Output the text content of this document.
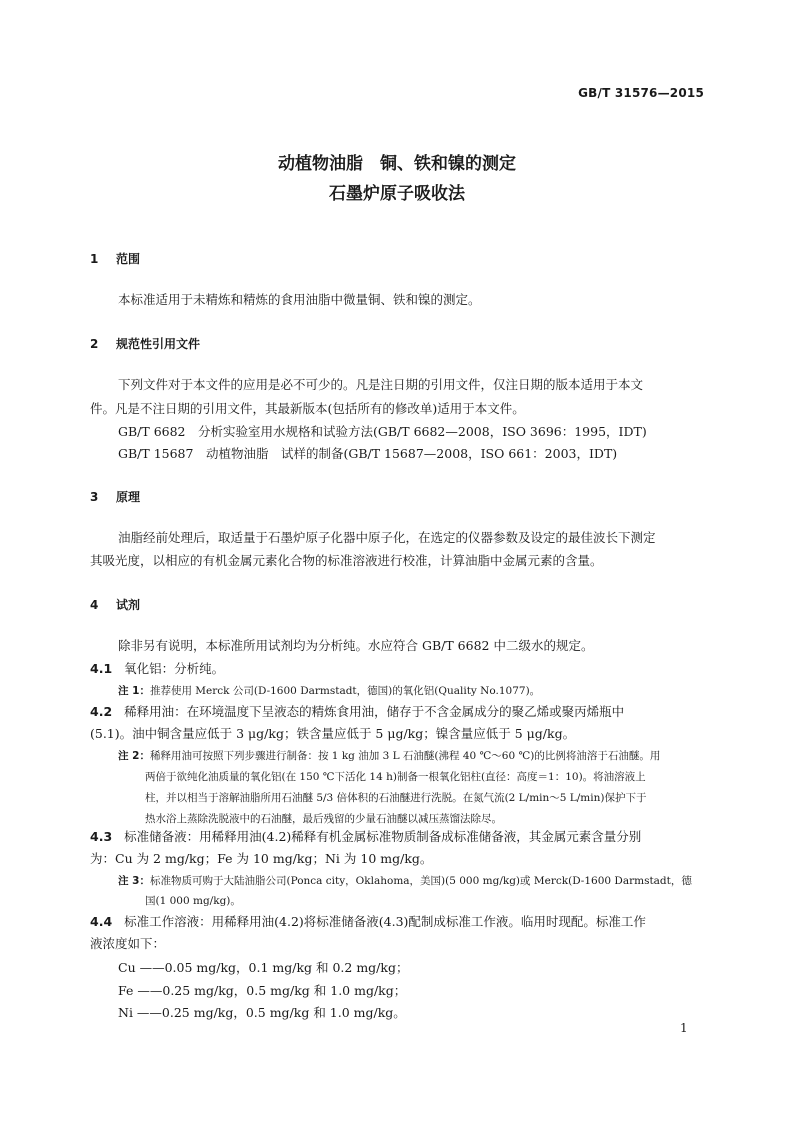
GB/T 31576—2015
动植物油脂　铜、铁和镍的测定
石墨炉原子吸收法
1 范围
本标准适用于未精炼和精炼的食用油脂中微量铜、铁和镍的测定。
2 规范性引用文件
下列文件对于本文件的应用是必不可少的。凡是注日期的引用文件，仅注日期的版本适用于本文
件。凡是不注日期的引用文件，其最新版本(包括所有的修改单)适用于本文件。
GB/T 6682　分析实验室用水规格和试验方法(GB/T 6682—2008，ISO 3696：1995，IDT)
GB/T 15687　动植物油脂　试样的制备(GB/T 15687—2008，ISO 661：2003，IDT)
3 原理
油脂经前处理后，取适量于石墨炉原子化器中原子化，在选定的仪器参数及设定的最佳波长下测定
其吸光度，以相应的有机金属元素化合物的标准溶液进行校准，计算油脂中金属元素的含量。
4 试剂
除非另有说明，本标准所用试剂均为分析纯。水应符合 GB/T 6682 中二级水的规定。
4.1 氧化铝：分析纯。
注 1：推荐使用 Merck 公司(D-1600 Darmstadt，德国)的氧化铝(Quality No.1077)。
4.2 稀释用油：在环境温度下呈液态的精炼食用油，储存于不含金属成分的聚乙烯或聚丙烯瓶中
(5.1)。油中铜含量应低于 3 μg/kg；铁含量应低于 5 μg/kg；镍含量应低于 5 μg/kg。
注 2：稀释用油可按照下列步骤进行制备：按 1 kg 油加 3 L 石油醚(沸程 40 ℃～60 ℃)的比例将油溶于石油醚。用
两倍于欲纯化油质量的氧化铝(在 150 ℃下活化 14 h)制备一根氧化铝柱(直径：高度＝1：10)。将油溶液上
柱，并以相当于溶解油脂所用石油醚 5/3 倍体积的石油醚进行洗脱。在氮气流(2 L/min～5 L/min)保护下于
热水浴上蒸除洗脱液中的石油醚，最后残留的少量石油醚以减压蒸馏法除尽。
4.3 标准储备液：用稀释用油(4.2)稀释有机金属标准物质制备成标准储备液，其金属元素含量分别
为：Cu 为 2 mg/kg；Fe 为 10 mg/kg；Ni 为 10 mg/kg。
注 3：标准物质可购于大陆油脂公司(Ponca city，Oklahoma，美国)(5 000 mg/kg)或 Merck(D-1600 Darmstadt，德
国(1 000 mg/kg)。
4.4 标准工作溶液：用稀释用油(4.2)将标准储备液(4.3)配制成标准工作液。临用时现配。标准工作
液浓度如下：
Cu ——0.05 mg/kg，0.1 mg/kg 和 0.2 mg/kg；
Fe ——0.25 mg/kg，0.5 mg/kg 和 1.0 mg/kg；
Ni ——0.25 mg/kg，0.5 mg/kg 和 1.0 mg/kg。
1
